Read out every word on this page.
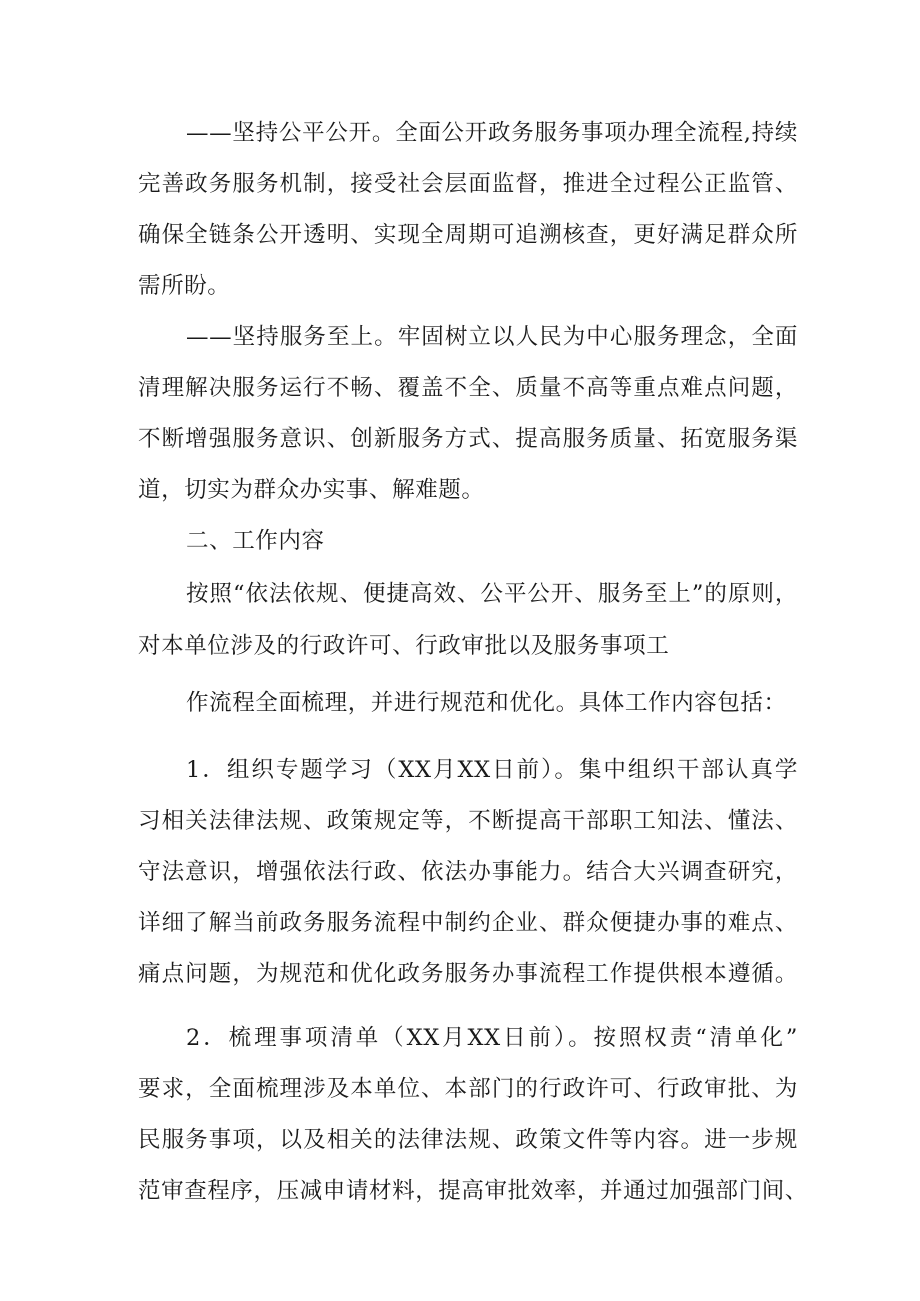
——坚持公平公开。全面公开政务服务事项办理全流程,持续
完善政务服务机制，接受社会层面监督，推进全过程公正监管、
确保全链条公开透明、实现全周期可追溯核查，更好满足群众所
需所盼。
——坚持服务至上。牢固树立以人民为中心服务理念，全面
清理解决服务运行不畅、覆盖不全、质量不高等重点难点问题，
不断增强服务意识、创新服务方式、提高服务质量、拓宽服务渠
道，切实为群众办实事、解难题。
二、工作内容
按照“依法依规、便捷高效、公平公开、服务至上”的原则，
对本单位涉及的行政许可、行政审批以及服务事项工
作流程全面梳理，并进行规范和优化。具体工作内容包括：
1．组织专题学习（XX月XX日前）。集中组织干部认真学
习相关法律法规、政策规定等，不断提高干部职工知法、懂法、
守法意识，增强依法行政、依法办事能力。结合大兴调查研究，
详细了解当前政务服务流程中制约企业、群众便捷办事的难点、
痛点问题，为规范和优化政务服务办事流程工作提供根本遵循。
2．梳理事项清单（XX月XX日前）。按照权责“清单化”
要求，全面梳理涉及本单位、本部门的行政许可、行政审批、为
民服务事项，以及相关的法律法规、政策文件等内容。进一步规
范审查程序，压减申请材料，提高审批效率，并通过加强部门间、
